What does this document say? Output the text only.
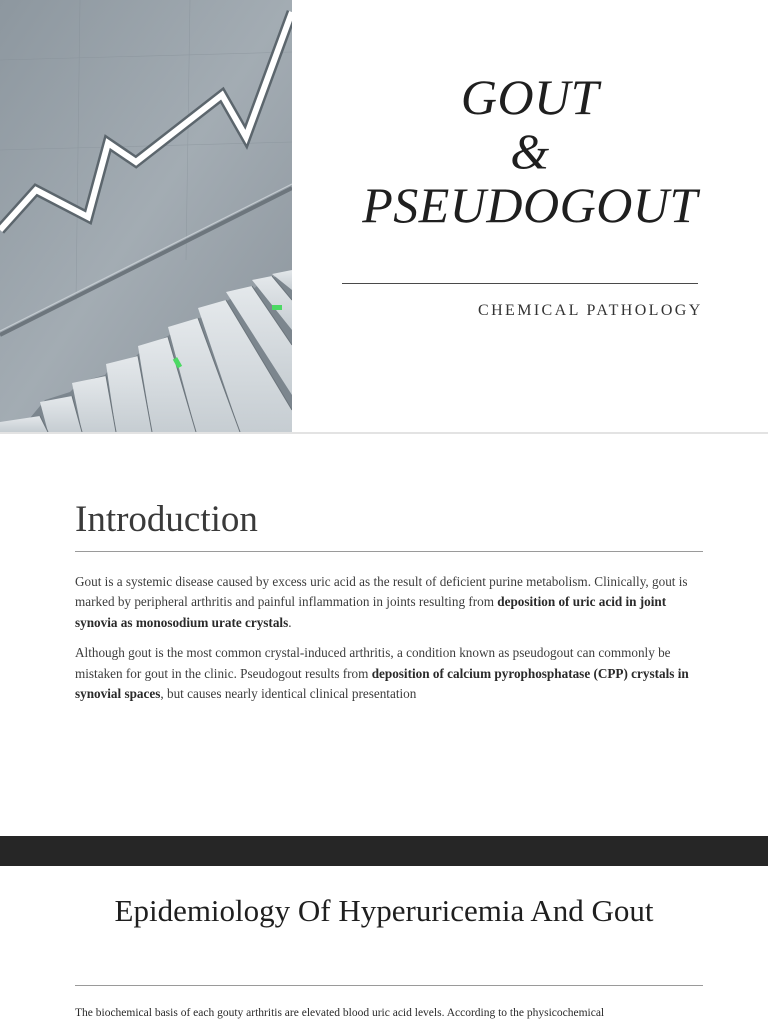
GOUT
&
PSEUDOGOUT
CHEMICAL PATHOLOGY
Introduction

Gout is a systemic disease caused by excess uric acid as the result of deficient purine metabolism. Clinically, gout is marked by peripheral arthritis and painful inflammation in joints resulting from deposition of uric acid in joint synovia as monosodium urate crystals.

Although gout is the most common crystal-induced arthritis, a condition known as pseudogout can commonly be mistaken for gout in the clinic. Pseudogout results from deposition of calcium pyrophosphatase (CPP) crystals in synovial spaces, but causes nearly identical clinical presentation

Epidemiology Of Hyperuricemia And Gout
The biochemical basis of each gouty arthritis are elevated blood uric acid levels. According to the physicochemical
